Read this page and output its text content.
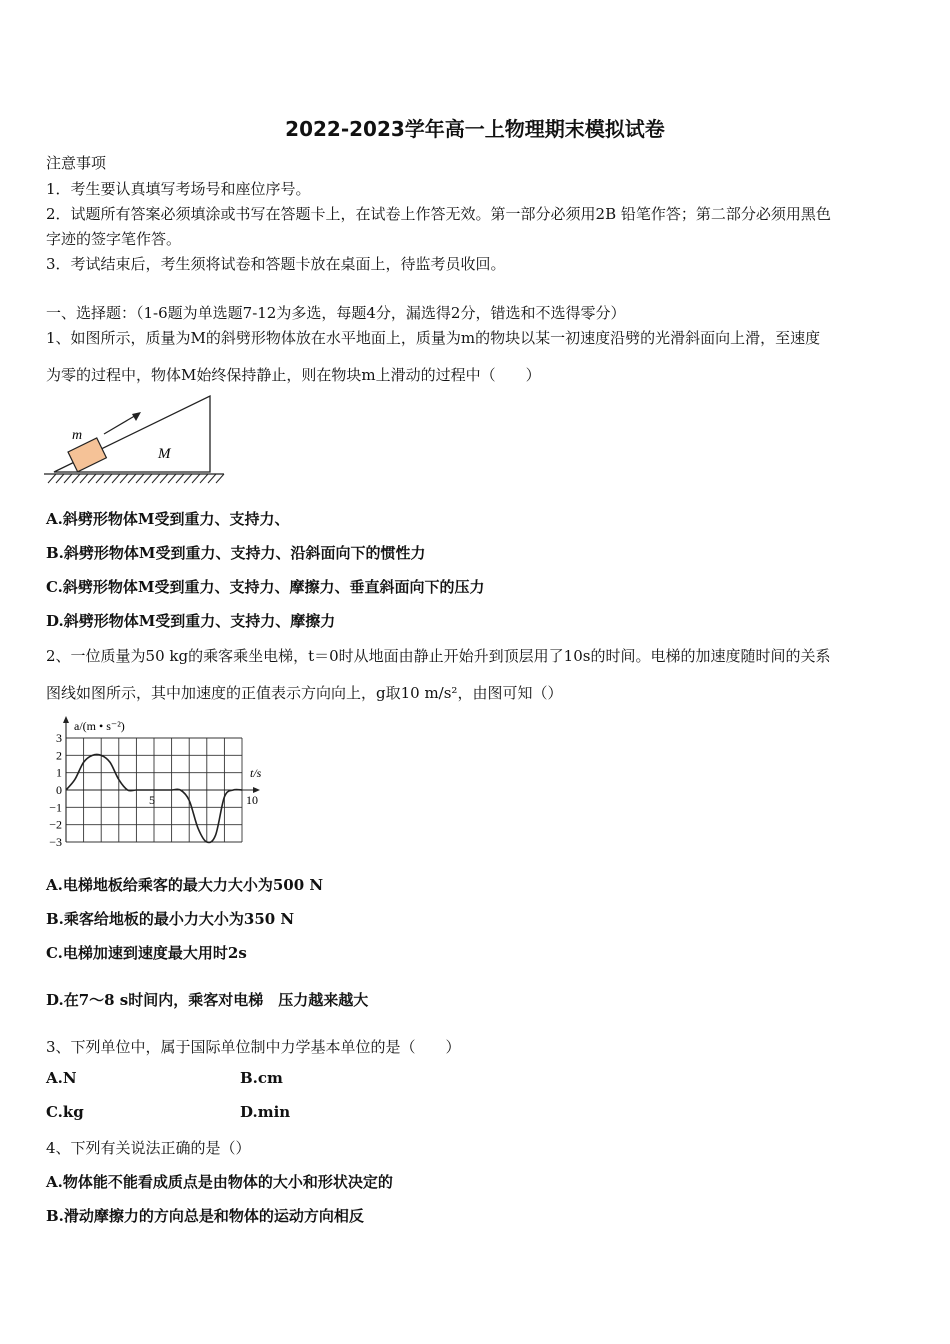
2022-2023学年高一上物理期末模拟试卷
注意事项
1．考生要认真填写考场号和座位序号。
2．试题所有答案必须填涂或书写在答题卡上，在试卷上作答无效。第一部分必须用2B 铅笔作答；第二部分必须用黑色
字迹的签字笔作答。
3．考试结束后，考生须将试卷和答题卡放在桌面上，待监考员收回。
一、选择题：（1-6题为单选题7-12为多选，每题4分，漏选得2分，错选和不选得零分）
1、如图所示，质量为M的斜劈形物体放在水平地面上，质量为m的物块以某一初速度沿劈的光滑斜面向上滑，至速度
为零的过程中，物体M始终保持静止，则在物块m上滑动的过程中（　　）
m
M
A.斜劈形物体M受到重力、支持力、
B.斜劈形物体M受到重力、支持力、沿斜面向下的惯性力
C.斜劈形物体M受到重力、支持力、摩擦力、垂直斜面向下的压力
D.斜劈形物体M受到重力、支持力、摩擦力
2、一位质量为50 kg的乘客乘坐电梯，t＝0时从地面由静止开始升到顶层用了10s的时间。电梯的加速度随时间的关系
图线如图所示，其中加速度的正值表示方向向上，g取10 m/s²，由图可知（）
a/(m • s⁻²)
t/s
3
2
1
0
−1
−2
−3
5	10
A.电梯地板给乘客的最大力大小为500 N
B.乘客给地板的最小力大小为350 N
C.电梯加速到速度最大用时2s
D.在7～8 s时间内，乘客对电梯　压力越来越大
3、下列单位中，属于国际单位制中力学基本单位的是（　　）
A.N	B.cm
C.kg	D.min
4、下列有关说法正确的是（）
A.物体能不能看成质点是由物体的大小和形状决定的
B.滑动摩擦力的方向总是和物体的运动方向相反
